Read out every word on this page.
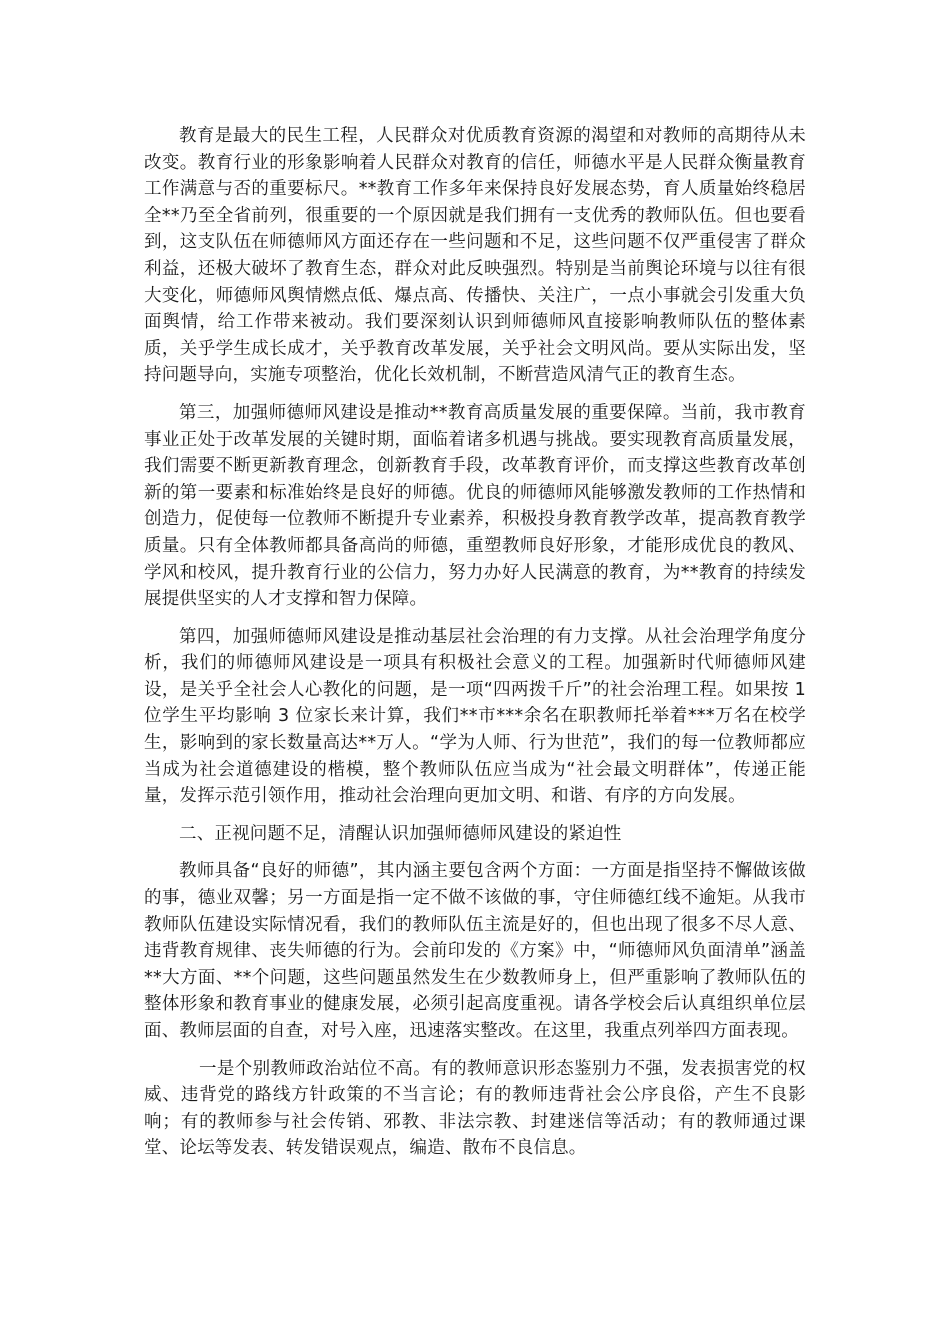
教育是最大的民生工程，人民群众对优质教育资源的渴望和对教师的高期待从未改变。教育行业的形象影响着人民群众对教育的信任，师德水平是人民群众衡量教育工作满意与否的重要标尺。**教育工作多年来保持良好发展态势，育人质量始终稳居全**乃至全省前列，很重要的一个原因就是我们拥有一支优秀的教师队伍。但也要看到，这支队伍在师德师风方面还存在一些问题和不足，这些问题不仅严重侵害了群众利益，还极大破坏了教育生态，群众对此反映强烈。特别是当前舆论环境与以往有很大变化，师德师风舆情燃点低、爆点高、传播快、关注广，一点小事就会引发重大负面舆情，给工作带来被动。我们要深刻认识到师德师风直接影响教师队伍的整体素质，关乎学生成长成才，关乎教育改革发展，关乎社会文明风尚。要从实际出发，坚持问题导向，实施专项整治，优化长效机制，不断营造风清气正的教育生态。

第三，加强师德师风建设是推动**教育高质量发展的重要保障。当前，我市教育事业正处于改革发展的关键时期，面临着诸多机遇与挑战。要实现教育高质量发展，我们需要不断更新教育理念，创新教育手段，改革教育评价，而支撑这些教育改革创新的第一要素和标准始终是良好的师德。优良的师德师风能够激发教师的工作热情和创造力，促使每一位教师不断提升专业素养，积极投身教育教学改革，提高教育教学质量。只有全体教师都具备高尚的师德，重塑教师良好形象，才能形成优良的教风、学风和校风，提升教育行业的公信力，努力办好人民满意的教育，为**教育的持续发展提供坚实的人才支撑和智力保障。

第四，加强师德师风建设是推动基层社会治理的有力支撑。从社会治理学角度分析，我们的师德师风建设是一项具有积极社会意义的工程。加强新时代师德师风建设，是关乎全社会人心教化的问题，是一项“四两拨千斤”的社会治理工程。如果按 1 位学生平均影响 3 位家长来计算，我们**市***余名在职教师托举着***万名在校学生，影响到的家长数量高达**万人。“学为人师、行为世范”，我们的每一位教师都应当成为社会道德建设的楷模，整个教师队伍应当成为“社会最文明群体”，传递正能量，发挥示范引领作用，推动社会治理向更加文明、和谐、有序的方向发展。

二、正视问题不足，清醒认识加强师德师风建设的紧迫性

教师具备“良好的师德”，其内涵主要包含两个方面：一方面是指坚持不懈做该做的事，德业双馨；另一方面是指一定不做不该做的事，守住师德红线不逾矩。从我市教师队伍建设实际情况看，我们的教师队伍主流是好的，但也出现了很多不尽人意、违背教育规律、丧失师德的行为。会前印发的《方案》中，“师德师风负面清单”涵盖**大方面、**个问题，这些问题虽然发生在少数教师身上，但严重影响了教师队伍的整体形象和教育事业的健康发展，必须引起高度重视。请各学校会后认真组织单位层面、教师层面的自查，对号入座，迅速落实整改。在这里，我重点列举四方面表现。

一是个别教师政治站位不高。有的教师意识形态鉴别力不强，发表损害党的权威、违背党的路线方针政策的不当言论；有的教师违背社会公序良俗，产生不良影响；有的教师参与社会传销、邪教、非法宗教、封建迷信等活动；有的教师通过课堂、论坛等发表、转发错误观点，编造、散布不良信息。
